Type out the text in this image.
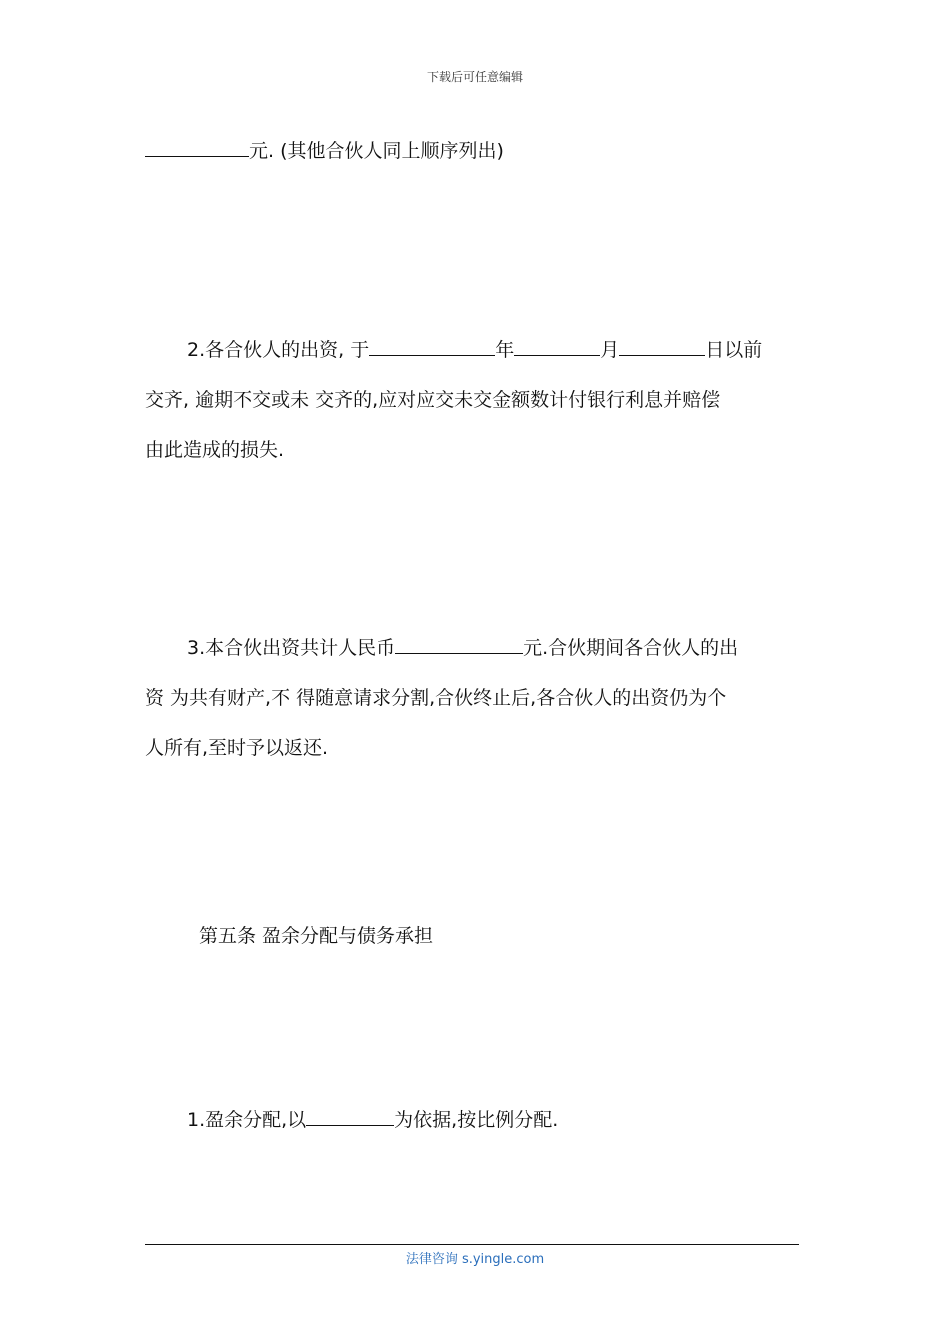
下载后可任意编辑
元. (其他合伙人同上顺序列出)
2.各合伙人的出资, 于	年	月	日以前
交齐, 逾期不交或未 交齐的,应对应交未交金额数计付银行利息并赔偿
由此造成的损失.
3.本合伙出资共计人民币	元.合伙期间各合伙人的出
资 为共有财产,不 得随意请求分割,合伙终止后,各合伙人的出资仍为个
人所有,至时予以返还.
第五条 盈余分配与债务承担
1.盈余分配,以	为依据,按比例分配.
法律咨询 s.yingle.com
